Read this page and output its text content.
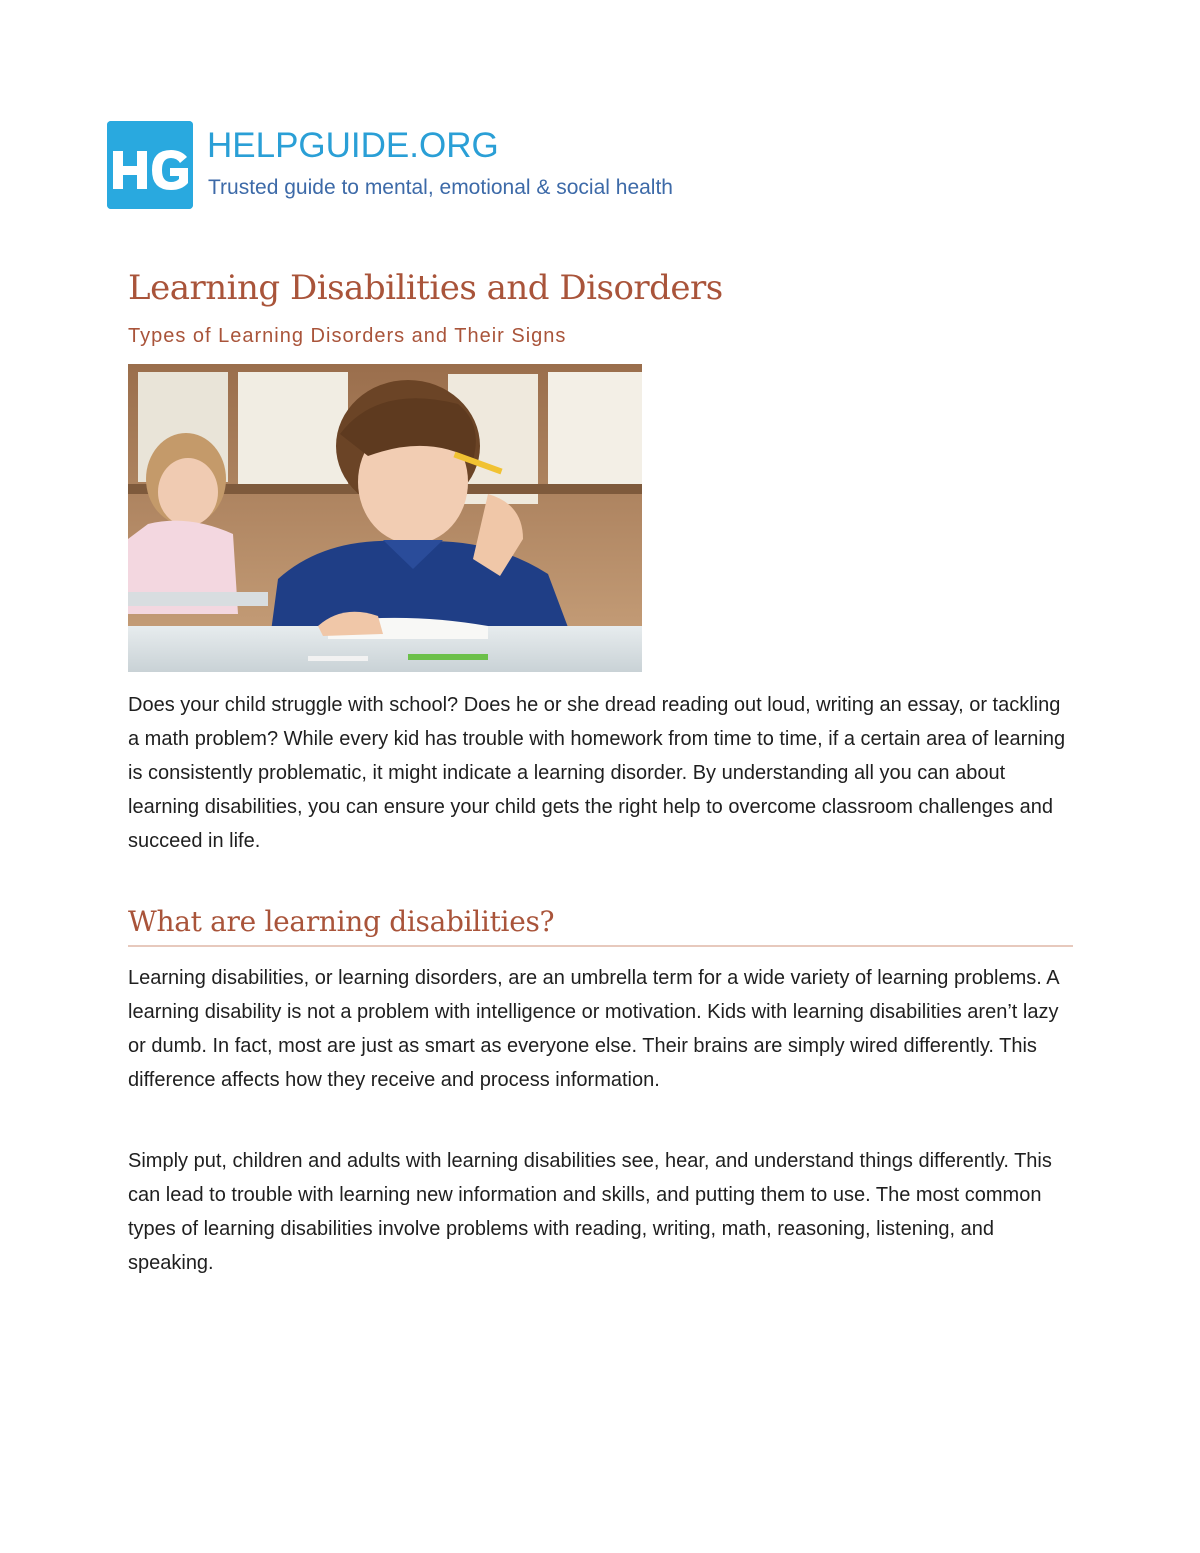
HELPGUIDE.ORG
Trusted guide to mental, emotional & social health
Learning Disabilities and Disorders
Types of Learning Disorders and Their Signs

Does your child struggle with school? Does he or she dread reading out loud, writing an essay, or tackling a math problem? While every kid has trouble with homework from time to time, if a certain area of learning is consistently problematic, it might indicate a learning disorder. By understanding all you can about learning disabilities, you can ensure your child gets the right help to overcome classroom challenges and succeed in life.

What are learning disabilities?

Learning disabilities, or learning disorders, are an umbrella term for a wide variety of learning problems. A learning disability is not a problem with intelligence or motivation. Kids with learning disabilities aren’t lazy or dumb. In fact, most are just as smart as everyone else. Their brains are simply wired differently. This difference affects how they receive and process information.

Simply put, children and adults with learning disabilities see, hear, and understand things differently. This can lead to trouble with learning new information and skills, and putting them to use. The most common types of learning disabilities involve problems with reading, writing, math, reasoning, listening, and speaking.
